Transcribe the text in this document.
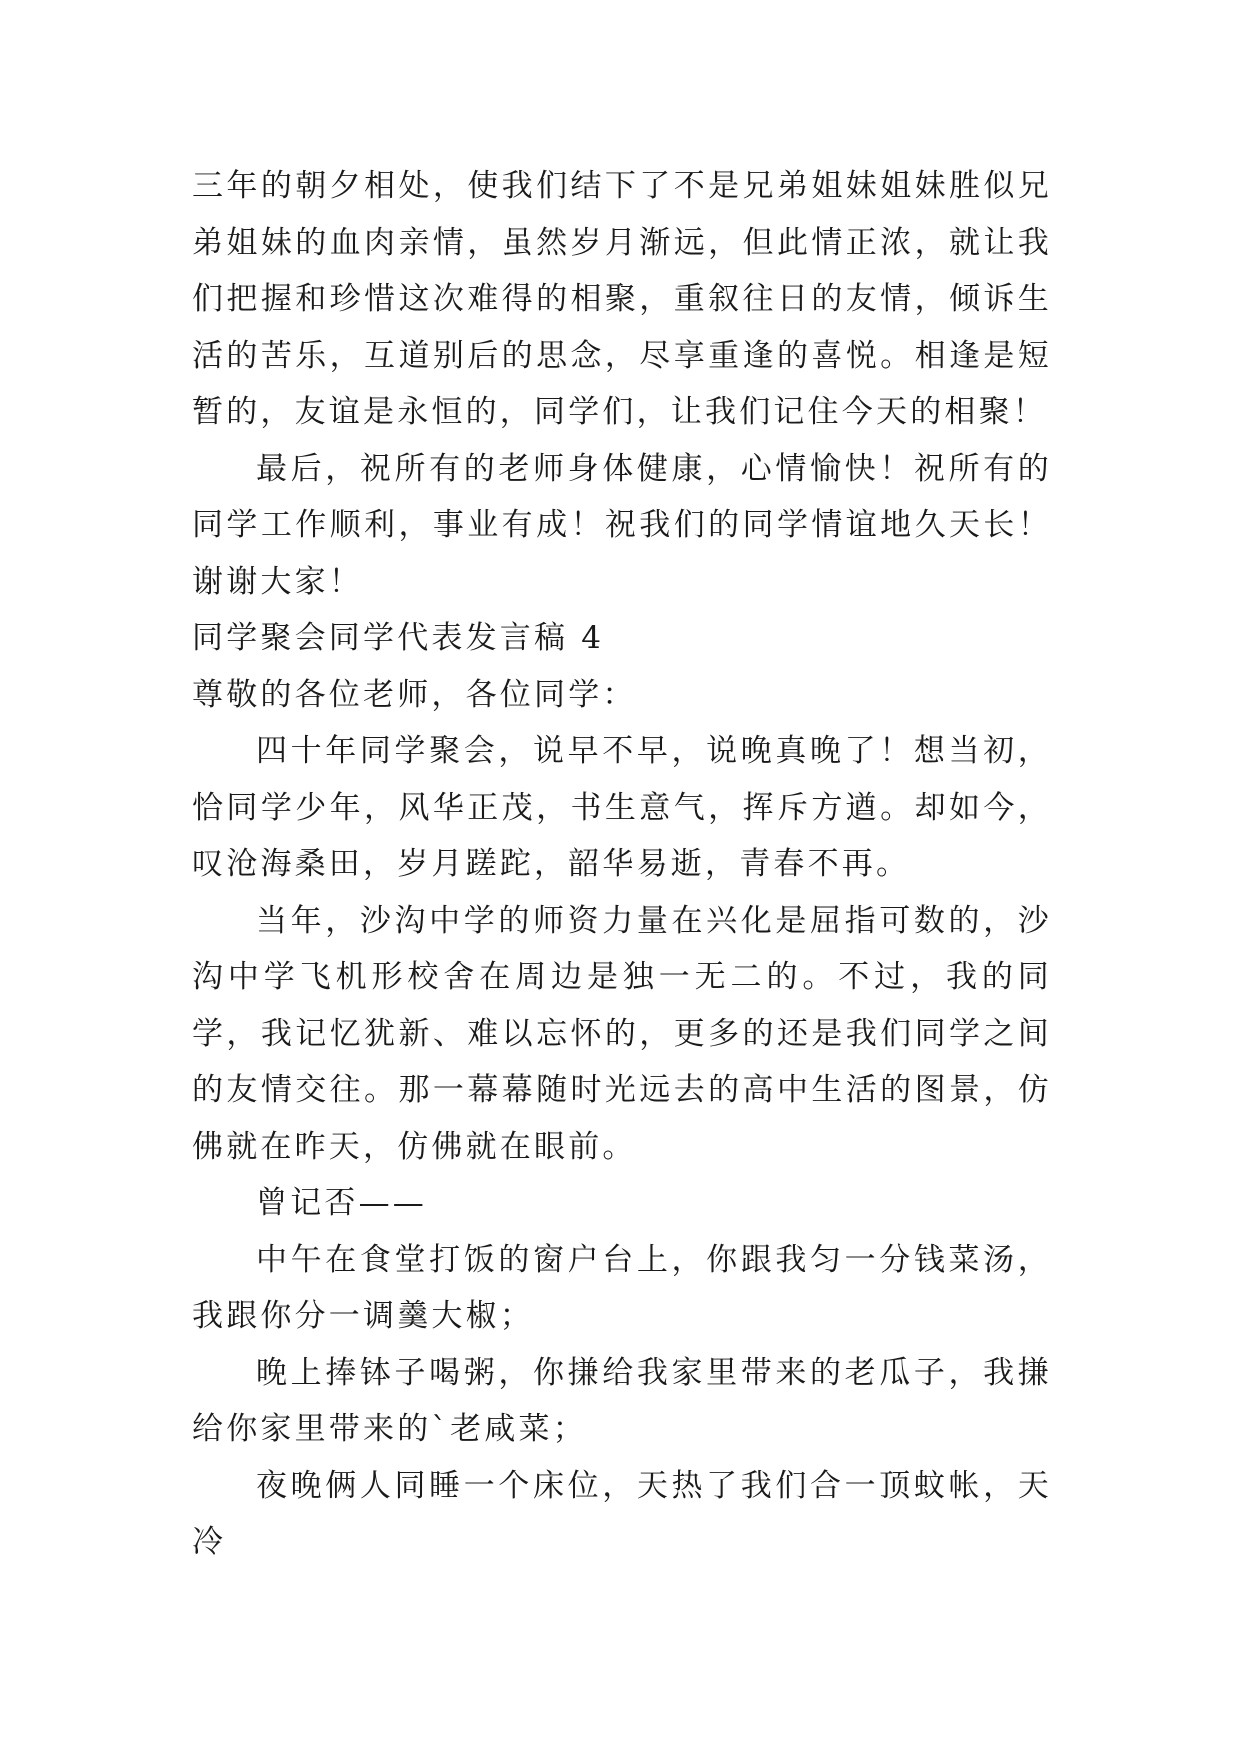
三年的朝夕相处，使我们结下了不是兄弟姐妹姐妹胜似兄弟姐妹的血肉亲情，虽然岁月渐远，但此情正浓，就让我们把握和珍惜这次难得的相聚，重叙往日的友情，倾诉生活的苦乐，互道别后的思念，尽享重逢的喜悦。相逢是短暂的，友谊是永恒的，同学们，让我们记住今天的相聚！

最后，祝所有的老师身体健康，心情愉快！祝所有的同学工作顺利，事业有成！祝我们的同学情谊地久天长！谢谢大家！

同学聚会同学代表发言稿 4

尊敬的各位老师，各位同学：

四十年同学聚会，说早不早，说晚真晚了！想当初，恰同学少年，风华正茂，书生意气，挥斥方遒。却如今，叹沧海桑田，岁月蹉跎，韶华易逝，青春不再。

当年，沙沟中学的师资力量在兴化是屈指可数的，沙沟中学飞机形校舍在周边是独一无二的。不过，我的同学，我记忆犹新、难以忘怀的，更多的还是我们同学之间的友情交往。那一幕幕随时光远去的高中生活的图景，仿佛就在昨天，仿佛就在眼前。

曾记否——

中午在食堂打饭的窗户台上，你跟我匀一分钱菜汤，我跟你分一调羹大椒；

晚上捧钵子喝粥，你搛给我家里带来的老瓜子，我搛给你家里带来的`老咸菜；

夜晚俩人同睡一个床位，天热了我们合一顶蚊帐，天冷
